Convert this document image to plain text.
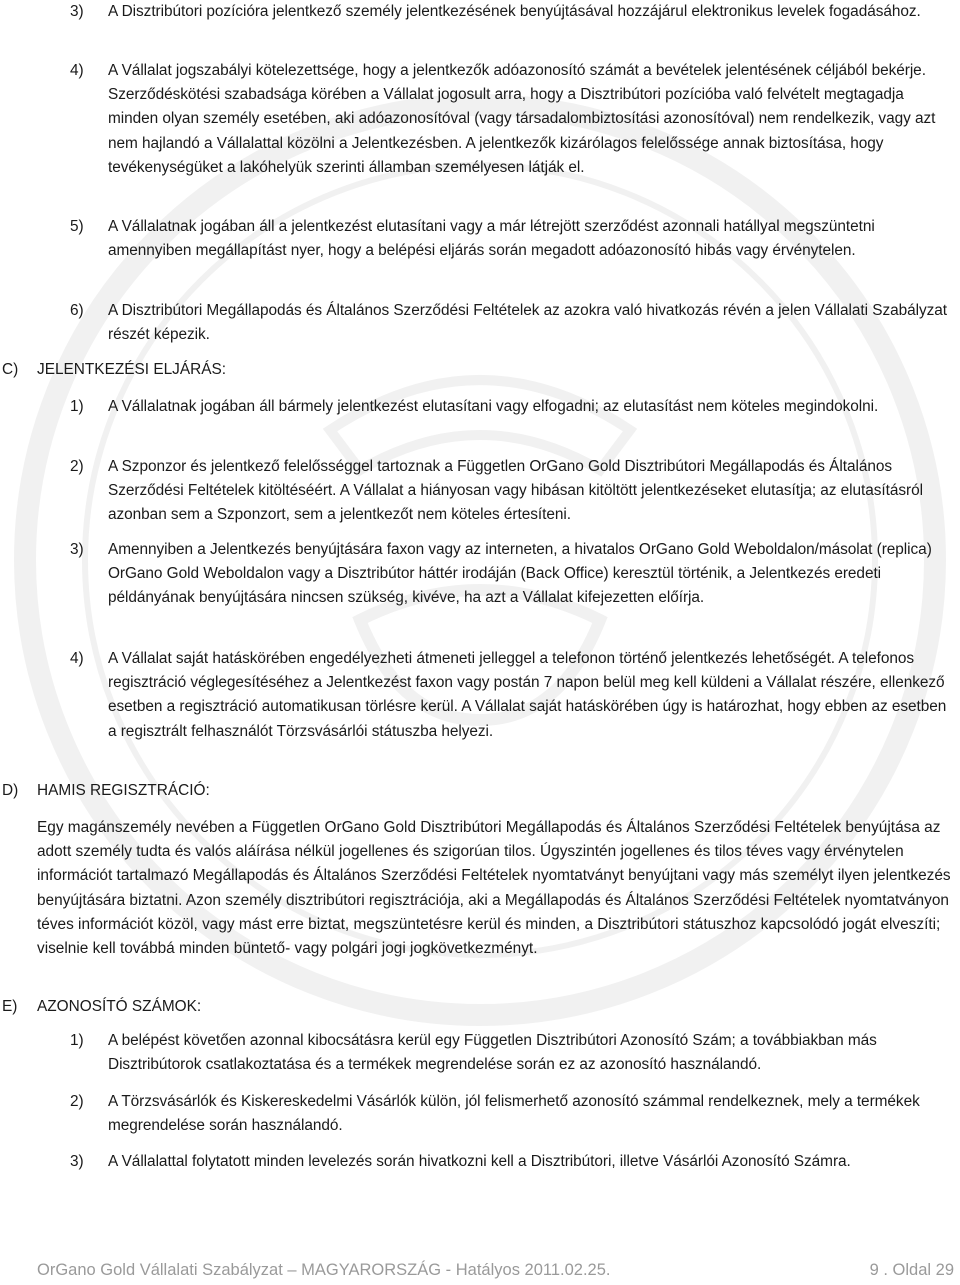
3)	A Disztribútori pozícióra jelentkező személy jelentkezésének benyújtásával hozzájárul elektronikus levelek fogadásához.
4)	A Vállalat jogszabályi kötelezettsége, hogy a jelentkezők adóazonosító számát a bevételek jelentésének céljából bekérje. Szerződéskötési szabadsága körében a Vállalat jogosult arra, hogy a Disztribútori pozícióba való felvételt megtagadja minden olyan személy esetében, aki adóazonosítóval (vagy társadalombiztosítási azonosítóval) nem rendelkezik, vagy azt nem hajlandó a Vállalattal közölni a Jelentkezésben. A jelentkezők kizárólagos felelőssége annak biztosítása, hogy tevékenységüket a lakóhelyük szerinti államban személyesen látják el.
5)	A Vállalatnak jogában áll a jelentkezést elutasítani vagy a már létrejött szerződést azonnali hatállyal megszüntetni amennyiben megállapítást nyer, hogy a belépési eljárás során megadott adóazonosító hibás vagy érvénytelen.
6)	A Disztribútori Megállapodás és Általános Szerződési Feltételek az azokra való hivatkozás révén a jelen Vállalati Szabályzat részét képezik.
C) JELENTKEZÉSI ELJÁRÁS:
1)	A Vállalatnak jogában áll bármely jelentkezést elutasítani vagy elfogadni; az elutasítást nem köteles megindokolni.
2)	A Szponzor és jelentkező felelősséggel tartoznak a Független OrGano Gold Disztribútori Megállapodás és Általános Szerződési Feltételek kitöltéséért. A Vállalat a hiányosan vagy hibásan kitöltött jelentkezéseket elutasítja; az elutasításról azonban sem a Szponzort, sem a jelentkezőt nem köteles értesíteni.
3)	Amennyiben a Jelentkezés benyújtására faxon vagy az interneten, a hivatalos OrGano Gold Weboldalon/másolat (replica) OrGano Gold Weboldalon vagy a Disztribútor háttér irodáján (Back Office) keresztül történik, a Jelentkezés eredeti példányának benyújtására nincsen szükség, kivéve, ha azt a Vállalat kifejezetten előírja.
4)	A Vállalat saját hatáskörében engedélyezheti átmeneti jelleggel a telefonon történő jelentkezés lehetőségét. A telefonos regisztráció véglegesítéséhez a Jelentkezést faxon vagy postán 7 napon belül meg kell küldeni a Vállalat részére, ellenkező esetben a regisztráció automatikusan törlésre kerül. A Vállalat saját hatáskörében úgy is határozhat, hogy ebben az esetben a regisztrált felhasználót Törzsvásárlói státuszba helyezi.
D) HAMIS REGISZTRÁCIÓ:
Egy magánszemély nevében a Független OrGano Gold Disztribútori Megállapodás és Általános Szerződési Feltételek benyújtása az adott személy tudta és valós aláírása nélkül jogellenes és szigorúan tilos. Úgyszintén jogellenes és tilos téves vagy érvénytelen információt tartalmazó Megállapodás és Általános Szerződési Feltételek nyomtatványt benyújtani vagy más személyt ilyen jelentkezés benyújtására biztatni. Azon személy disztribútori regisztrációja, aki a Megállapodás és Általános Szerződési Feltételek nyomtatványon téves információt közöl, vagy mást erre biztat, megszüntetésre kerül és minden, a Disztribútori státuszhoz kapcsolódó jogát elveszíti; viselnie kell továbbá minden büntető- vagy polgári jogi jogkövetkezményt.
E) AZONOSÍTÓ SZÁMOK:
1)	A belépést követően azonnal kibocsátásra kerül egy Független Disztribútori Azonosító Szám; a továbbiakban más Disztribútorok csatlakoztatása és a termékek megrendelése során ez az azonosító használandó.
2)	A Törzsvásárlók és Kiskereskedelmi Vásárlók külön, jól felismerhető azonosító számmal rendelkeznek, mely a termékek megrendelése során használandó.
3)	A Vállalattal folytatott minden levelezés során hivatkozni kell a Disztribútori, illetve Vásárlói Azonosító Számra.
OrGano Gold Vállalati Szabályzat – MAGYARORSZÁG - Hatályos 2011.02.25.	9 . Oldal 29
